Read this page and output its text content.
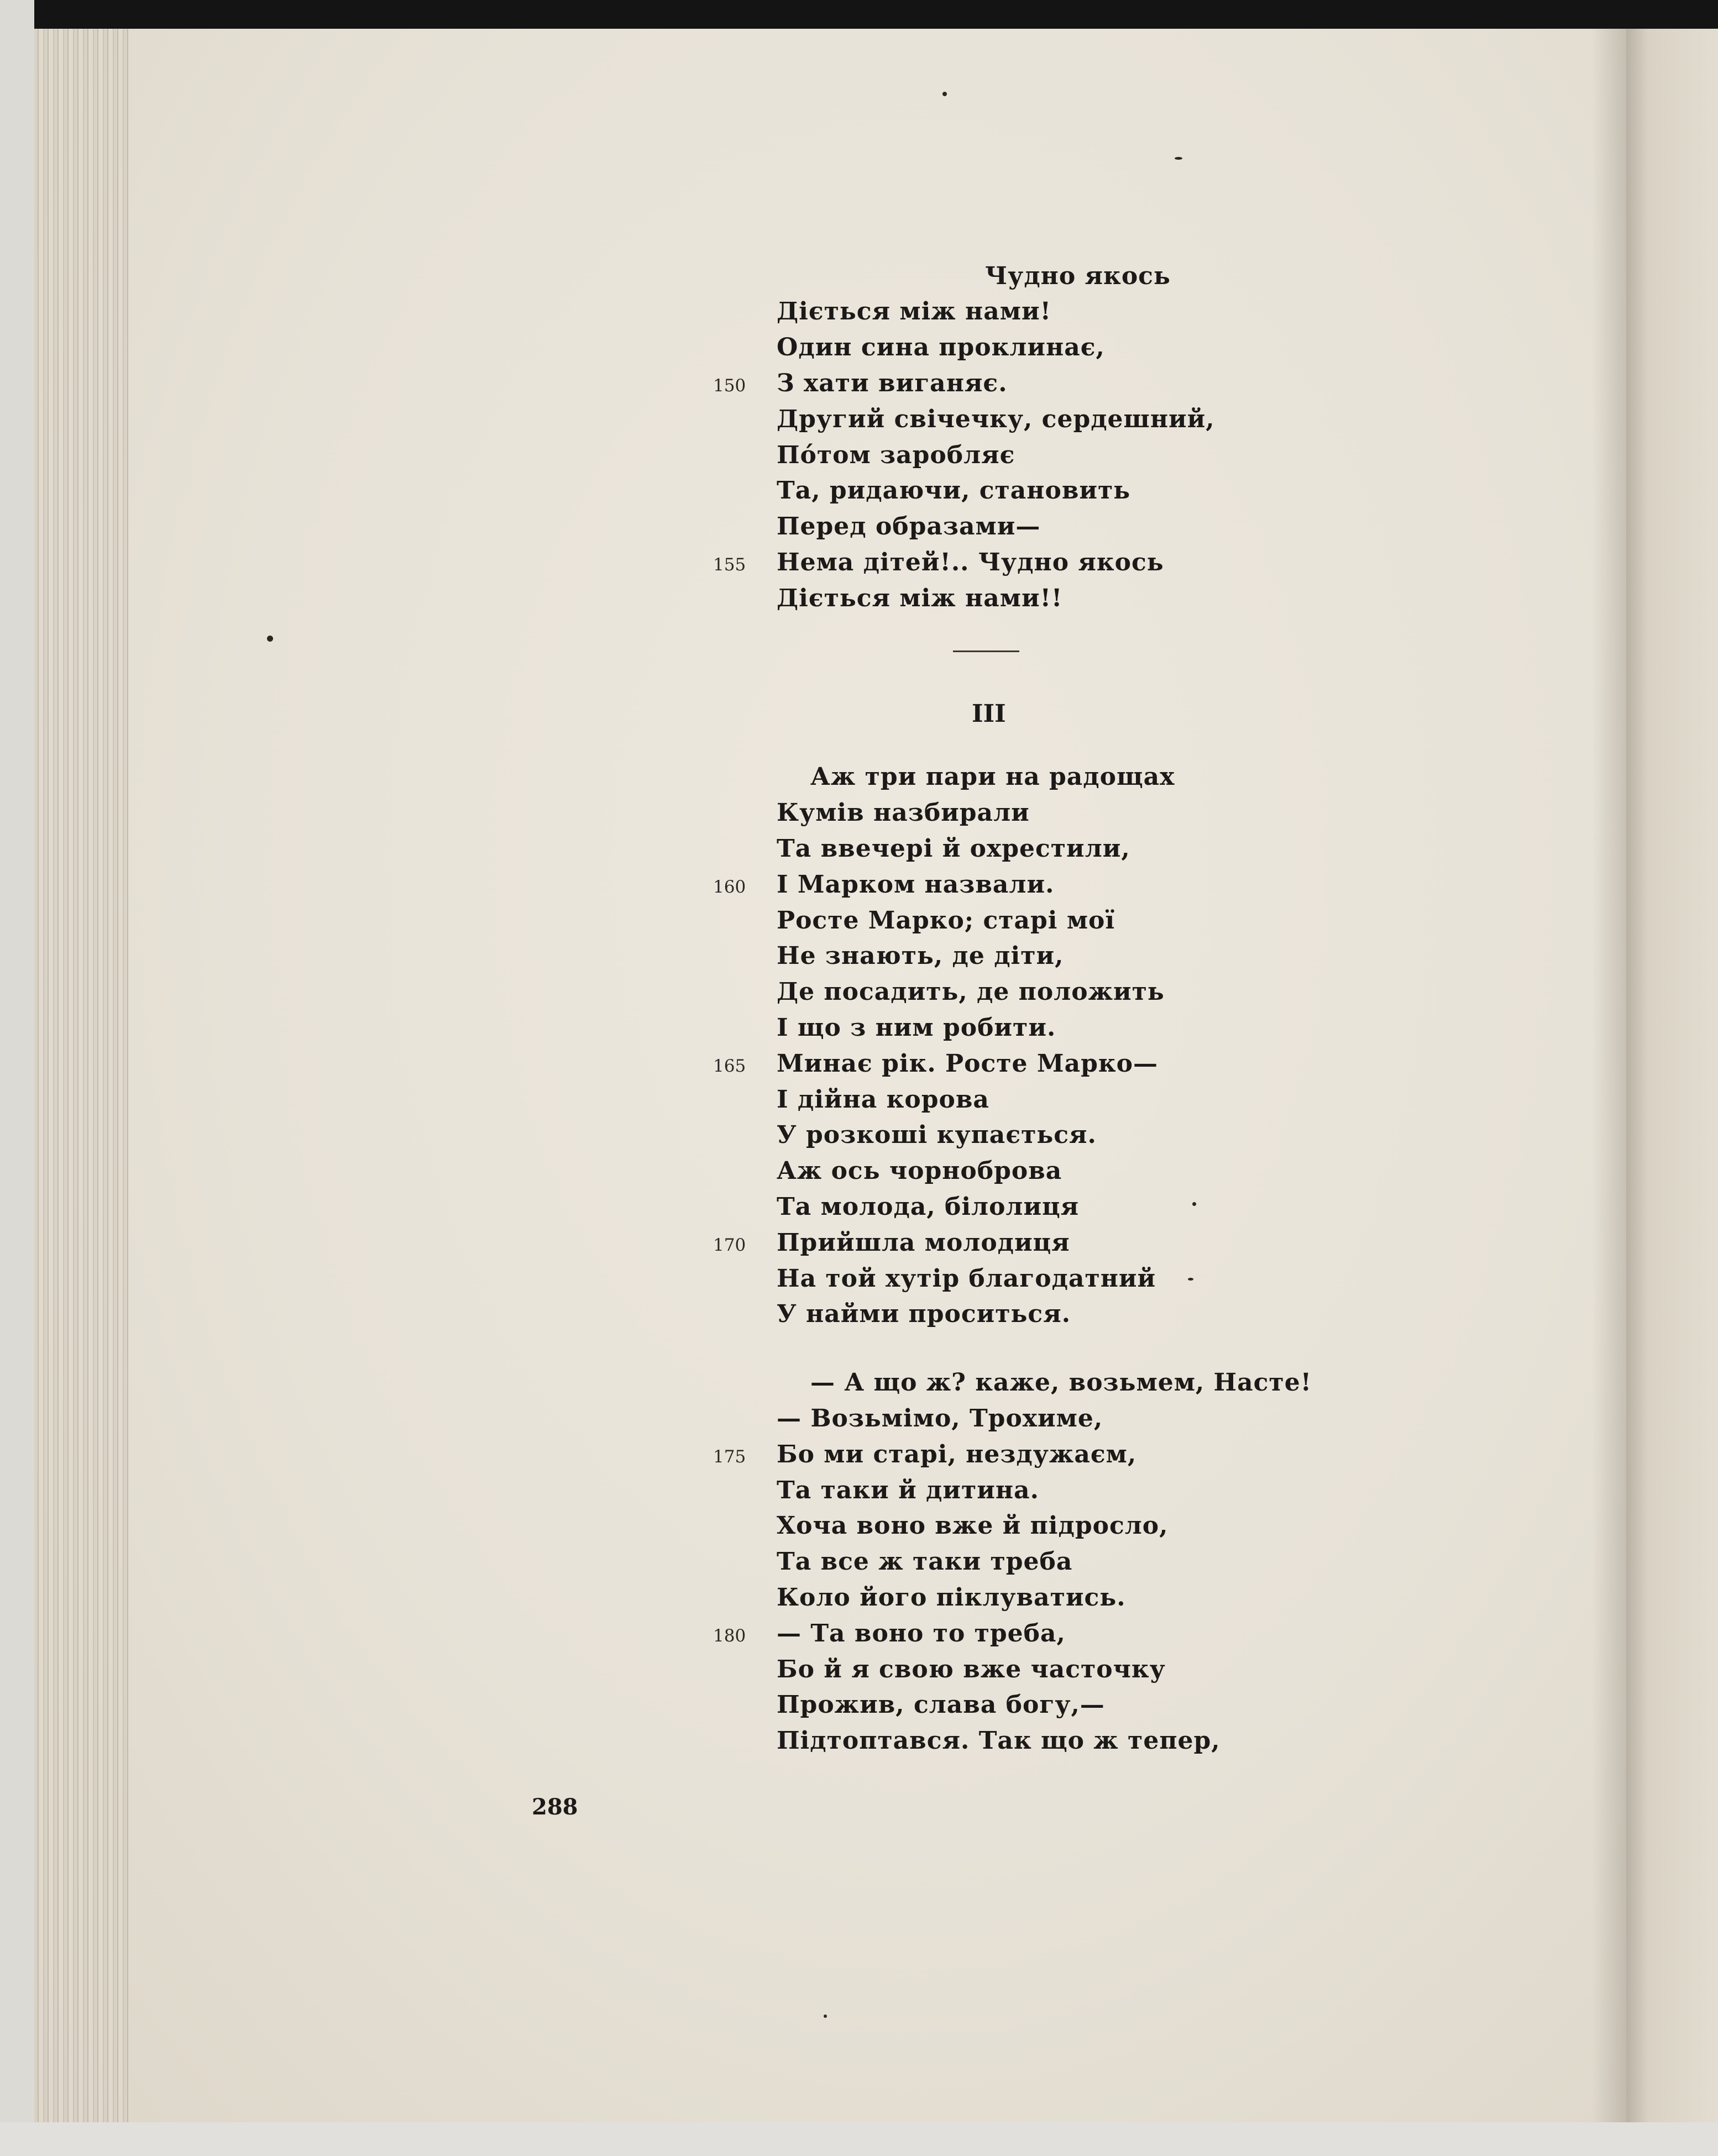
Чудно якось
Діється між нами!
Один сина проклинає,
150 З хати виганяє.
Другий свічечку, сердешний,
Пóтом заробляє
Та, ридаючи, становить
Перед образами—
155 Нема дітей!.. Чудно якось
Діється між нами!!
III
Аж три пари на радощах
Кумів назбирали
Та ввечері й охрестили,
160 І Марком назвали.
Росте Марко; старі мої
Не знають, де діти,
Де посадить, де положить
І що з ним робити.
165 Минає рік. Росте Марко—
І дійна корова
У розкоші купається.
Аж ось чорноброва
Та молода, білолиця
170 Прийшла молодиця
На той хутір благодатний
У найми проситься.
— А що ж? каже, возьмем, Насте!
— Возьмімо, Трохиме,
175 Бо ми старі, нездужаєм,
Та таки й дитина.
Хоча воно вже й підросло,
Та все ж таки треба
Коло його піклуватись.
180 — Та воно то треба,
Бо й я свою вже часточку
Прожив, слава богу,—
Підтоптався. Так що ж тепер,
288
